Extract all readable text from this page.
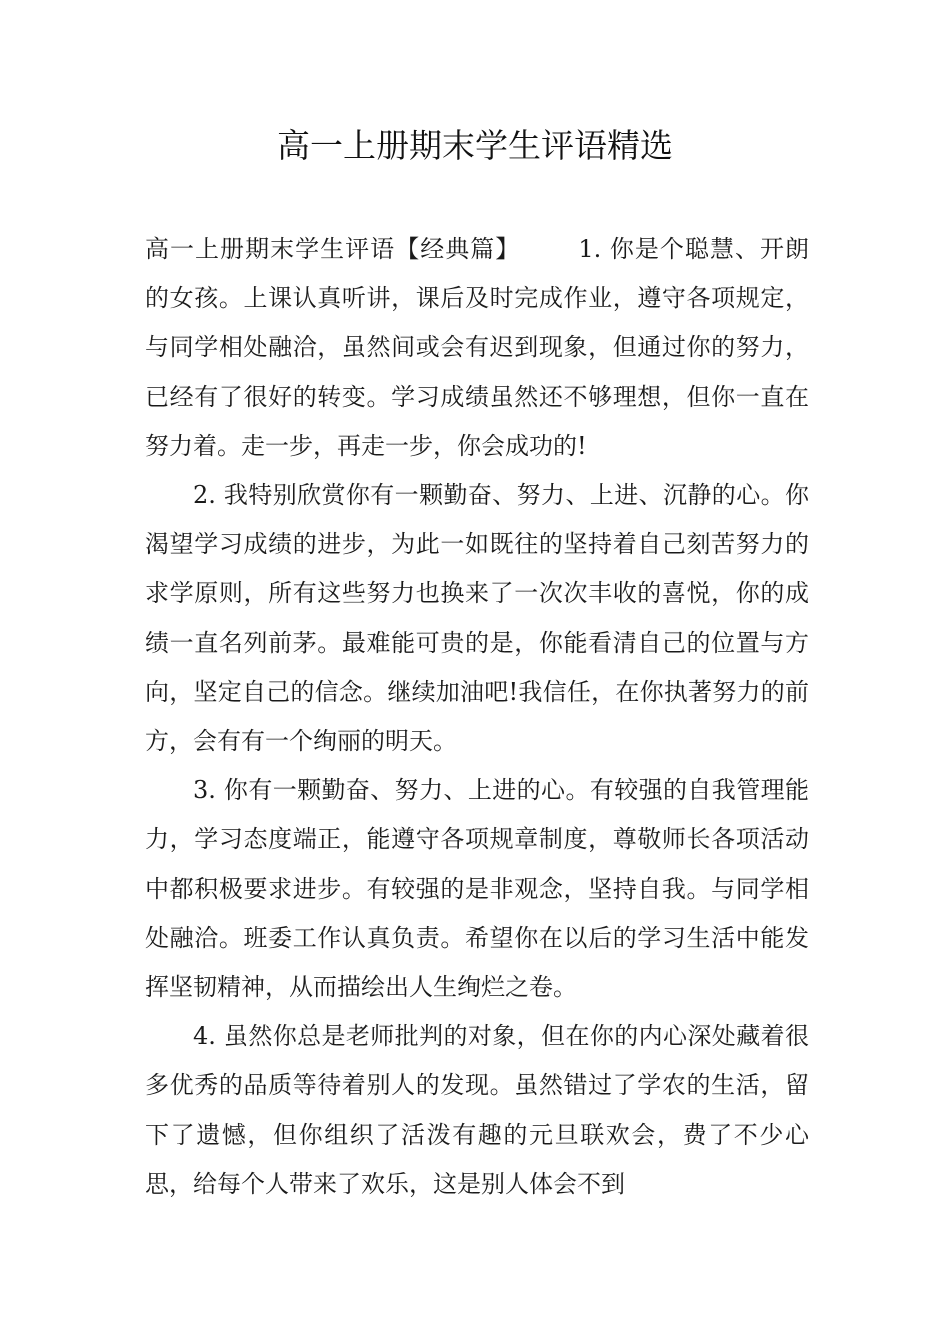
高一上册期末学生评语精选

高一上册期末学生评语【经典篇】 1. 你是个聪慧、开朗的女孩。上课认真听讲，课后及时完成作业，遵守各项规定，与同学相处融洽，虽然间或会有迟到现象，但通过你的努力，已经有了很好的转变。学习成绩虽然还不够理想，但你一直在努力着。走一步，再走一步，你会成功的!

2. 我特别欣赏你有一颗勤奋、努力、上进、沉静的心。你渴望学习成绩的进步，为此一如既往的坚持着自己刻苦努力的求学原则，所有这些努力也换来了一次次丰收的喜悦，你的成绩一直名列前茅。最难能可贵的是，你能看清自己的位置与方向，坚定自己的信念。继续加油吧!我信任，在你执著努力的前方，会有有一个绚丽的明天。

3. 你有一颗勤奋、努力、上进的心。有较强的自我管理能力，学习态度端正，能遵守各项规章制度，尊敬师长各项活动中都积极要求进步。有较强的是非观念，坚持自我。与同学相处融洽。班委工作认真负责。希望你在以后的学习生活中能发挥坚韧精神，从而描绘出人生绚烂之卷。

4. 虽然你总是老师批判的对象，但在你的内心深处藏着很多优秀的品质等待着别人的发现。虽然错过了学农的生活，留下了遗憾，但你组织了活泼有趣的元旦联欢会，费了不少心思，给每个人带来了欢乐，这是别人体会不到
